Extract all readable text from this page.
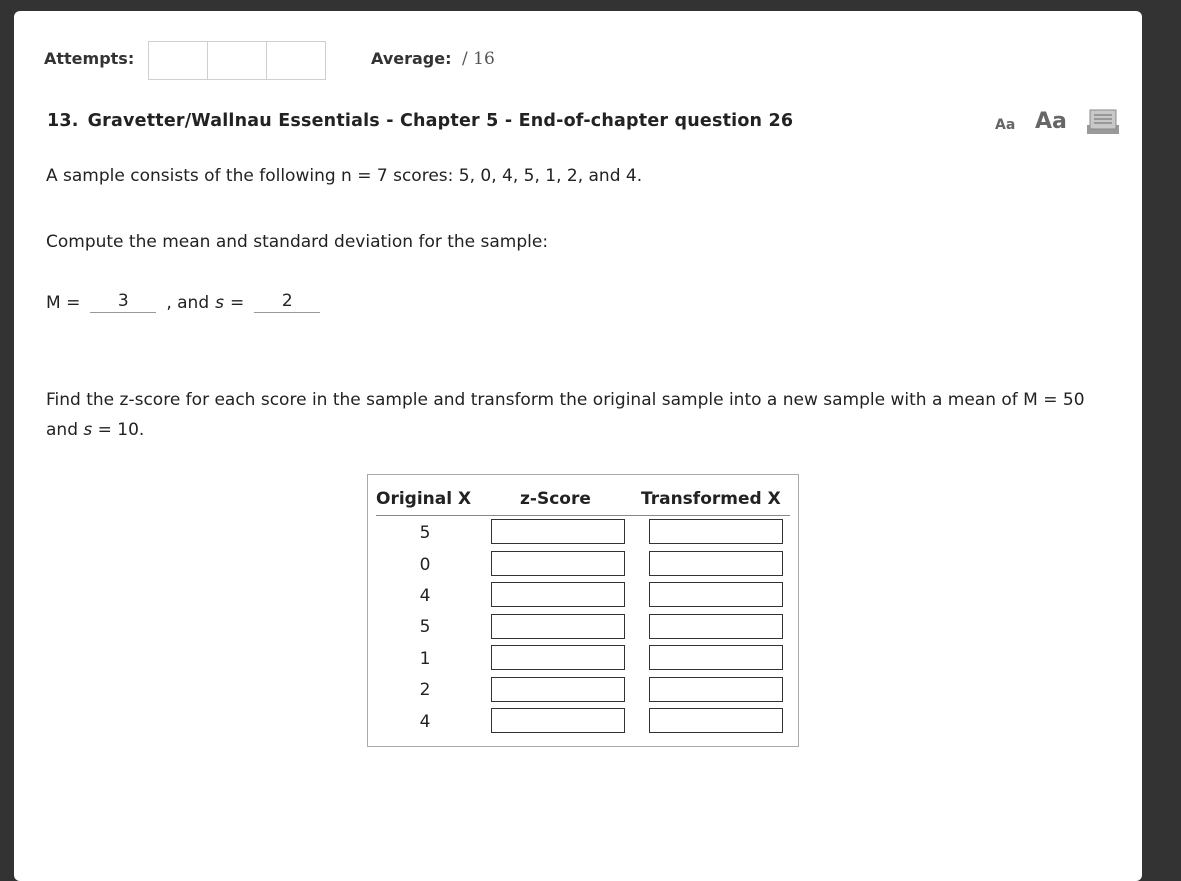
Attempts:	Average: / 16
13. Gravetter/Wallnau Essentials - Chapter 5 - End-of-chapter question 26	Aa Aa
A sample consists of the following n = 7 scores: 5, 0, 4, 5, 1, 2, and 4.
Compute the mean and standard deviation for the sample:
M =	3	, and s =	2
Find the z-score for each score in the sample and transform the original sample into a new sample with a mean of M = 50 and s = 10.
Original X	z-Score	Transformed X
5
0
4
5
1
2
4
